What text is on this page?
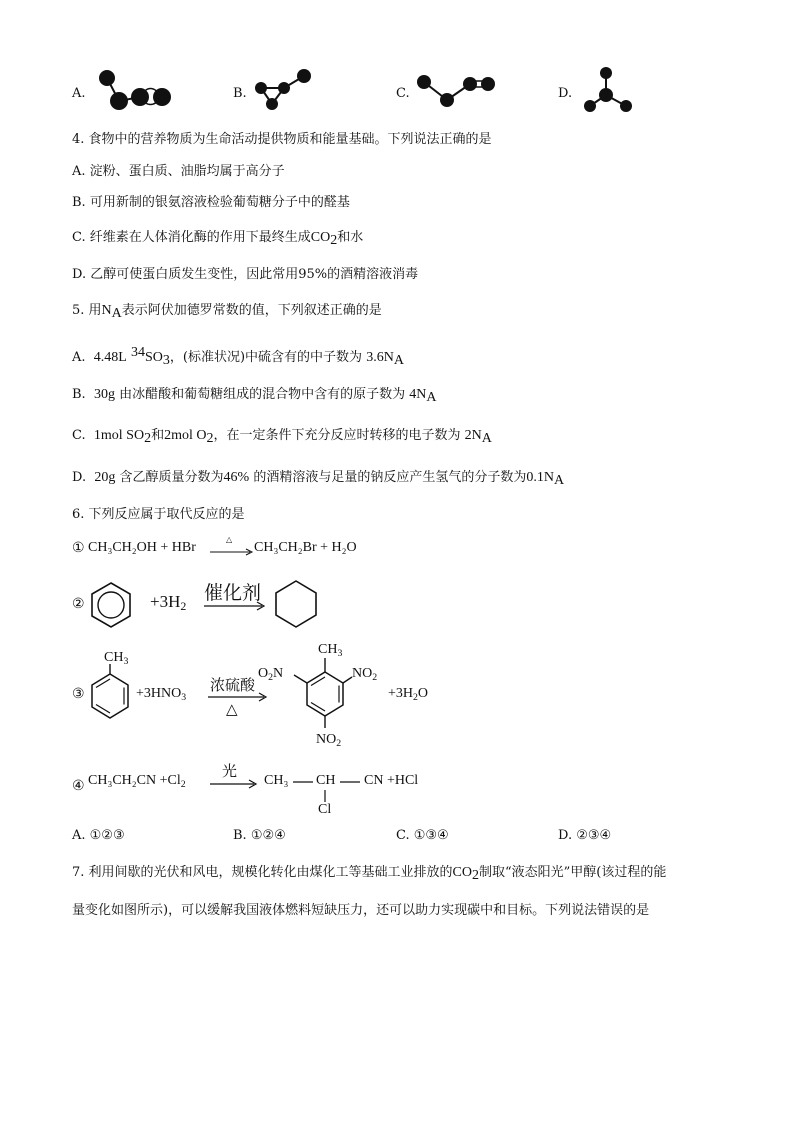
A.	B.	C.	D.
4. 食物中的营养物质为生命活动提供物质和能量基础。下列说法正确的是
A. 淀粉、蛋白质、油脂均属于高分子
B. 可用新制的银氨溶液检验葡萄糖分子中的醛基
C. 纤维素在人体消化酶的作用下最终生成$CO_2$和水
D. 乙醇可使蛋白质发生变性，因此常用95%的酒精溶液消毒
5. 用$N_A$表示阿伏加德罗常数的值，下列叙述正确的是
A. 4.48L $^{34}SO_3$，(标准状况)中硫含有的中子数为 $3.6N_A$
B. 30g 由冰醋酸和葡萄糖组成的混合物中含有的原子数为 $4N_A$
C. 1mol $SO_2$和2mol $O_2$，在一定条件下充分反应时转移的电子数为 $2N_A$
D. 20g 含乙醇质量分数为46% 的酒精溶液与足量的钠反应产生氢气的分子数为$0.1N_A$
6. 下列反应属于取代反应的是
① CH₃CH₂OH + HBr
△
CH₃CH₂Br + H₂O
②	$+3H_2$
催化剂
③
$CH_3$
$+3HNO_3$
浓硫酸
△
$CH_3$
$O_2N$	$NO_2$
$NO_2$
$+3H_2O$
④ $CH_3CH_2CN +Cl_2$
光
CH₃ CH CN +HCl
Cl
A. ①②③	B. ①②④	C. ①③④	D. ②③④
7. 利用间歇的光伏和风电，规模化转化由煤化工等基础工业排放的$CO_2$制取“液态阳光”甲醇(该过程的能
量变化如图所示)，可以缓解我国液体燃料短缺压力，还可以助力实现碳中和目标。下列说法错误的是
